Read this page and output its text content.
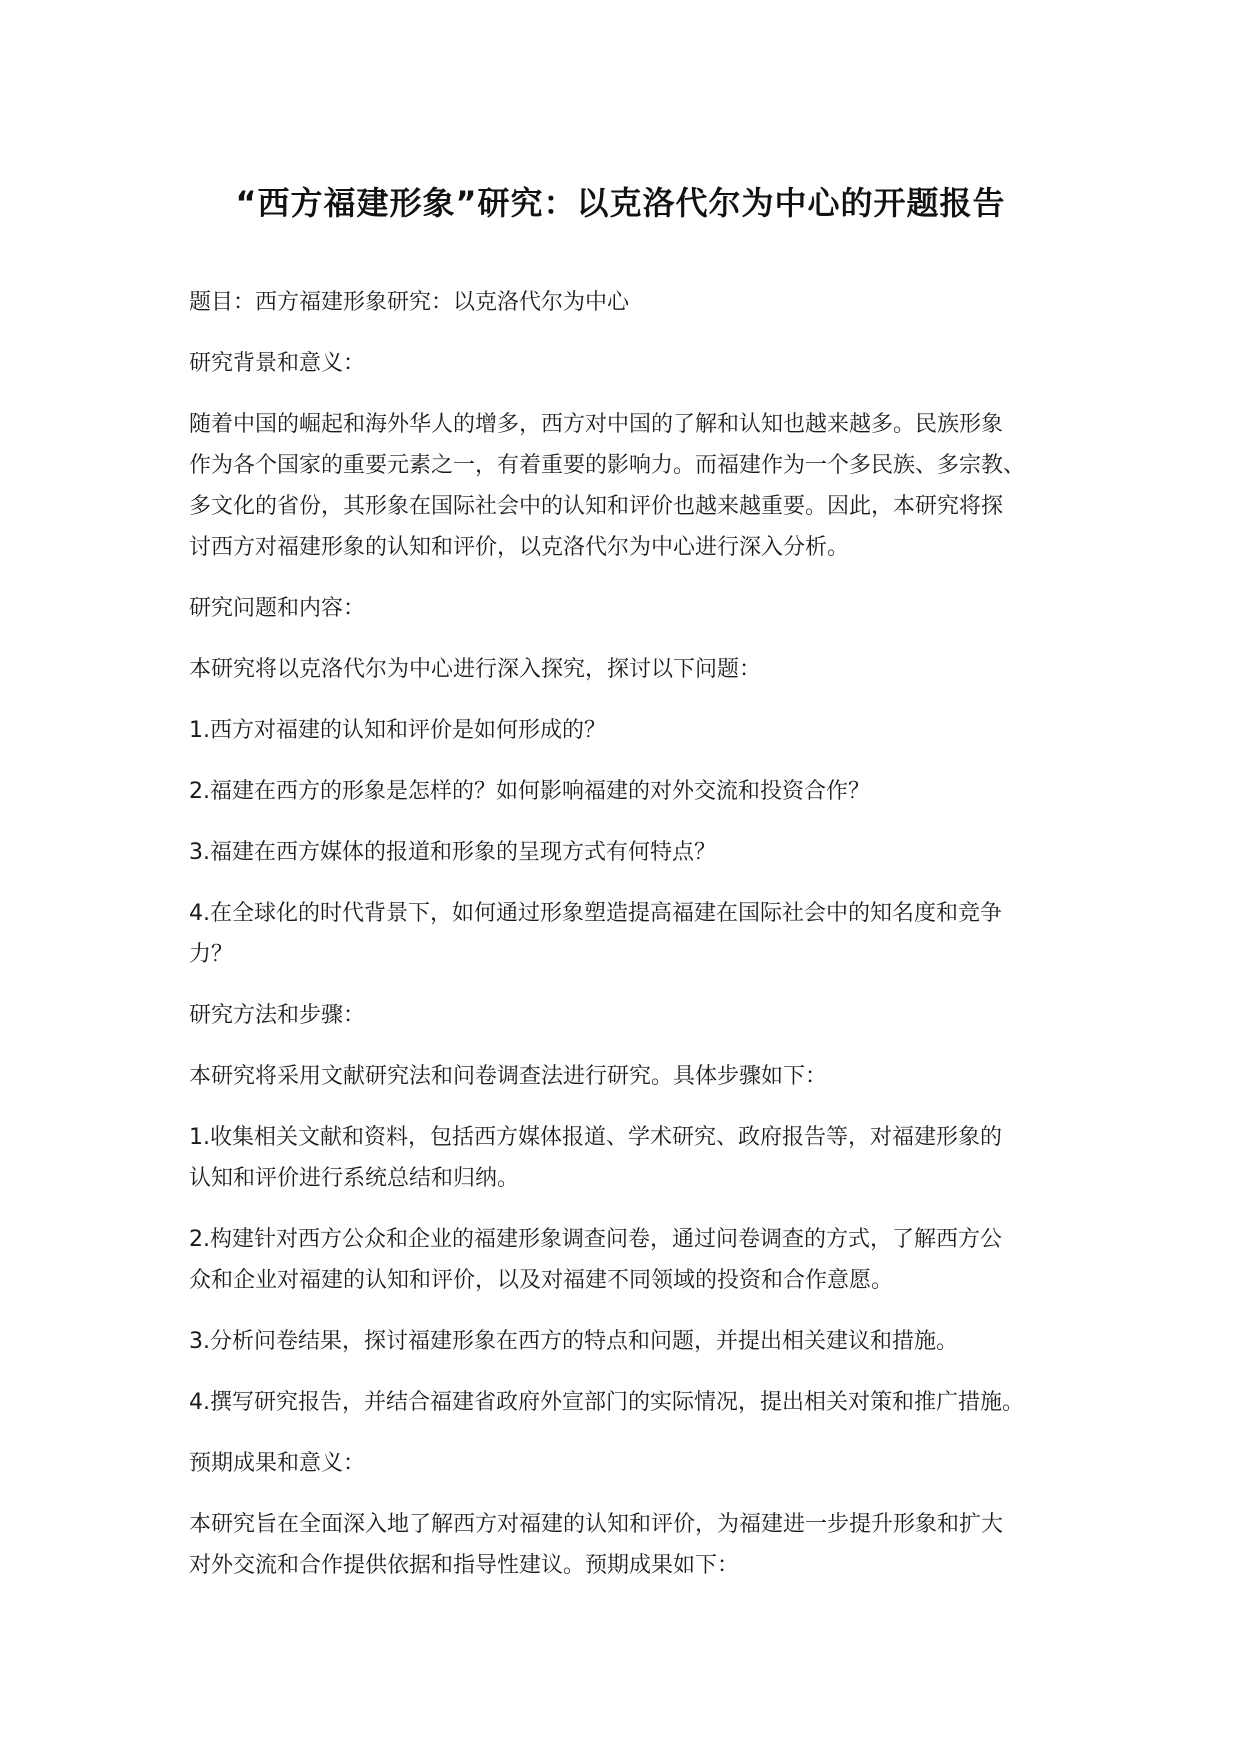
“西方福建形象”研究：以克洛代尔为中心的开题报告

题目：西方福建形象研究：以克洛代尔为中心

研究背景和意义：

随着中国的崛起和海外华人的增多，西方对中国的了解和认知也越来越多。民族形象
作为各个国家的重要元素之一，有着重要的影响力。而福建作为一个多民族、多宗教、
多文化的省份，其形象在国际社会中的认知和评价也越来越重要。因此，本研究将探
讨西方对福建形象的认知和评价，以克洛代尔为中心进行深入分析。

研究问题和内容：

本研究将以克洛代尔为中心进行深入探究，探讨以下问题：

1.西方对福建的认知和评价是如何形成的？

2.福建在西方的形象是怎样的？如何影响福建的对外交流和投资合作？

3.福建在西方媒体的报道和形象的呈现方式有何特点？

4.在全球化的时代背景下，如何通过形象塑造提高福建在国际社会中的知名度和竞争
力？

研究方法和步骤：

本研究将采用文献研究法和问卷调查法进行研究。具体步骤如下：

1.收集相关文献和资料，包括西方媒体报道、学术研究、政府报告等，对福建形象的
认知和评价进行系统总结和归纳。

2.构建针对西方公众和企业的福建形象调查问卷，通过问卷调查的方式，了解西方公
众和企业对福建的认知和评价，以及对福建不同领域的投资和合作意愿。

3.分析问卷结果，探讨福建形象在西方的特点和问题，并提出相关建议和措施。

4.撰写研究报告，并结合福建省政府外宣部门的实际情况，提出相关对策和推广措施。

预期成果和意义：

本研究旨在全面深入地了解西方对福建的认知和评价，为福建进一步提升形象和扩大
对外交流和合作提供依据和指导性建议。预期成果如下：
